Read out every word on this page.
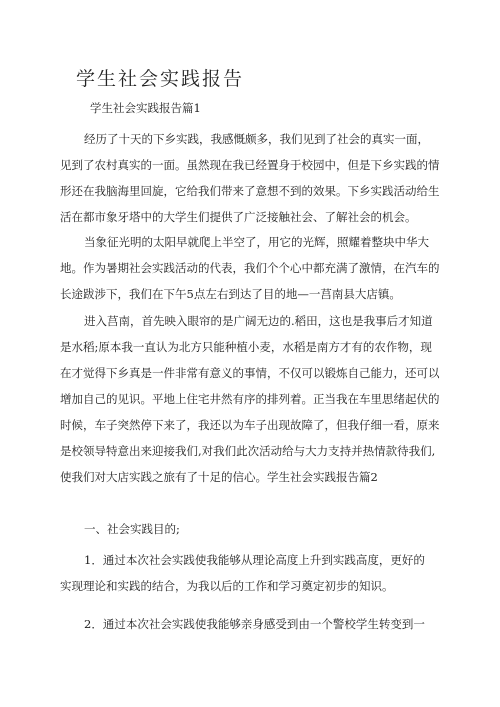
学生社会实践报告
学生社会实践报告篇1
经历了十天的下乡实践，我感慨颇多，我们见到了社会的真实一面，
见到了农村真实的一面。虽然现在我已经置身于校园中，但是下乡实践的情
形还在我脑海里回旋，它给我们带来了意想不到的效果。下乡实践活动给生
活在都市象牙塔中的大学生们提供了广泛接触社会、了解社会的机会。
当象征光明的太阳早就爬上半空了，用它的光辉，照耀着整块中华大
地。作为暑期社会实践活动的代表，我们个个心中都充满了激情，在汽车的
长途跋涉下，我们在下午5点左右到达了目的地—一莒南县大店镇。
进入莒南，首先映入眼帘的是广阔无边的.稻田，这也是我事后才知道
是水稻;原本我一直认为北方只能种植小麦，水稻是南方才有的农作物，现
在才觉得下乡真是一件非常有意义的事情，不仅可以锻炼自己能力，还可以
增加自己的见识。平地上住宅井然有序的排列着。正当我在车里思绪起伏的
时候，车子突然停下来了，我还以为车子出现故障了，但我仔细一看，原来
是校领导特意出来迎接我们,对我们此次活动给与大力支持并热情款待我们,
使我们对大店实践之旅有了十足的信心。学生社会实践报告篇2
一、社会实践目的;
1．通过本次社会实践使我能够从理论高度上升到实践高度，更好的
实现理论和实践的结合，为我以后的工作和学习奠定初步的知识。
2．通过本次社会实践使我能够亲身感受到由一个警校学生转变到一
